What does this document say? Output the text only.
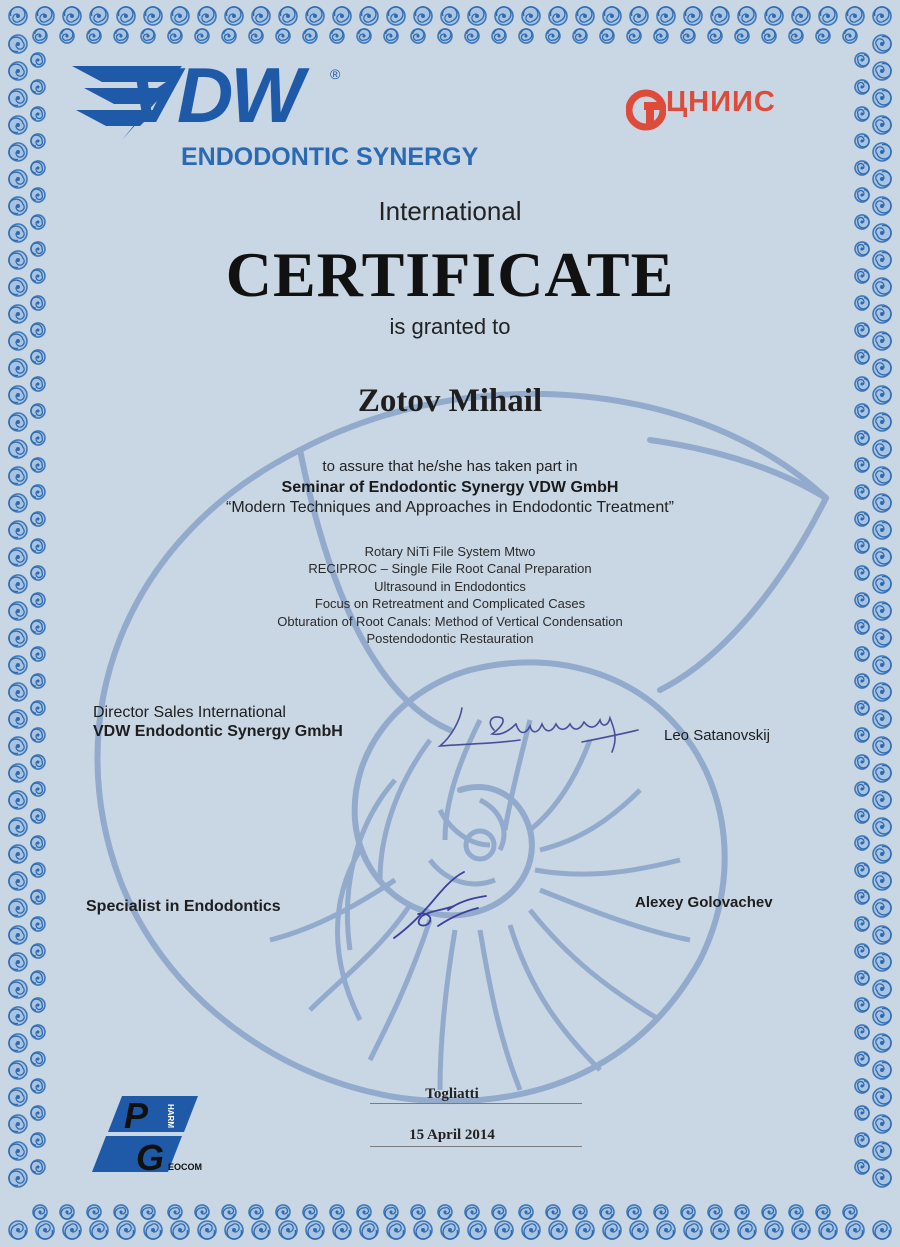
VDW ®
ENDODONTIC SYNERGY
ЦНИИС
International
CERTIFICATE
is granted to
Zotov Mihail
to assure that he/she has taken part in
Seminar of Endodontic Synergy VDW GmbH
“Modern Techniques and Approaches in Endodontic Treatment”
Rotary NiTi File System Mtwo
RECIPROC – Single File Root Canal Preparation
Ultrasound in Endodontics
Focus on Retreatment and Complicated Cases
Obturation of Root Canals: Method of Vertical Condensation
Postendodontic Restauration
Director Sales International
VDW Endodontic Synergy GmbH	Leo Satanovskij
Specialist in Endodontics	Alexey Golovachev
Togliatti
15 April 2014
P
G
HARM
EOCOM
